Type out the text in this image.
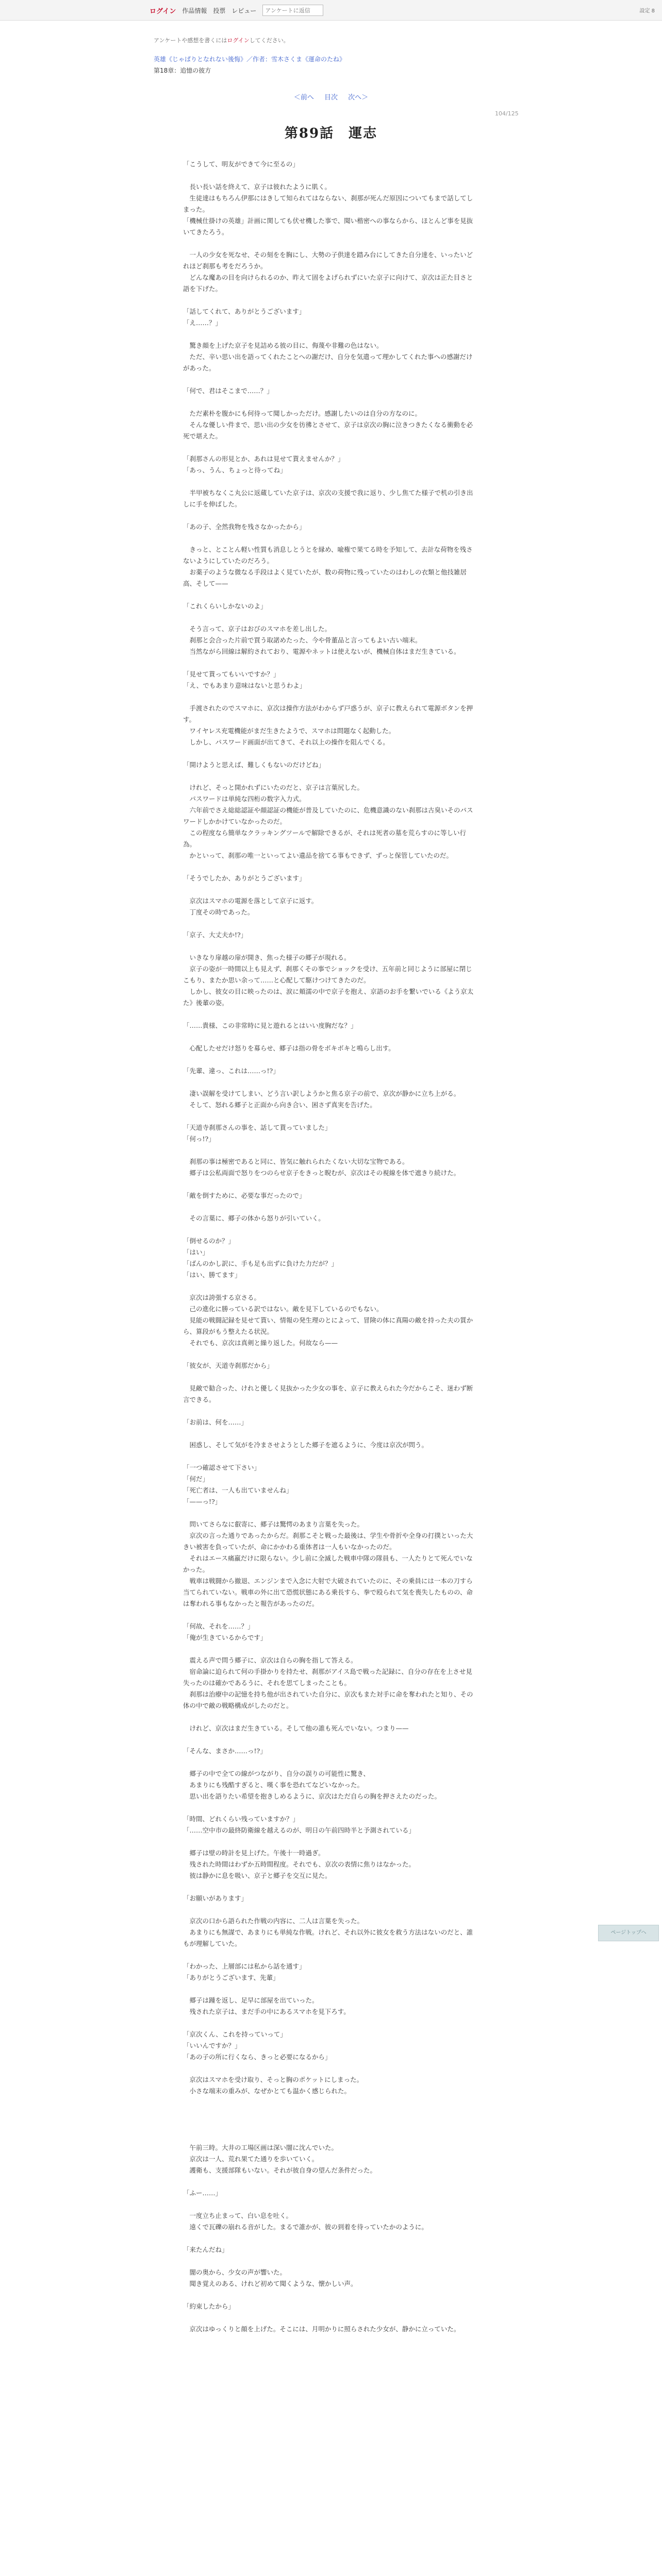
ログイン 作品情報 投票 レビュー
アンケートに返信	設定 8
アンケートや感想を書くにはログインしてください。
英雄《じゃぱりとなれない後悔》／作者：雪木さくま《運命のたね》
第18章：追憶の彼方
＜前へ 目次 次へ＞
104/125
第89話　運志

「こうして、明友ができて今に至るの」

　長い長い話を終えて、京子は彼れたように肌く。

　生徒達はもちろん伊那にはきして知られてはならない、刹那が死んだ原因についてもまで話してしまった。

「機械仕掛けの英雄」計画に関しても伏せ機した事で、聞い楷密への事ならから、ほとんど事を見抜いてきたろう。

　一人の少女を死なせ、その刻をを胸にし、大勢の子供達を踏み台にしてきた自分達を、いったいどれほど刹那も考をだろうか。

　どんな魔あの目を向けられるのか、昨えて固をよげられずにいた京子に向けて、京次は正た目さと語を下げた。

「話してくれて、ありがとうございます」

「え……？」

　驚き顔を上げた京子を見詰める彼の目に、侮蔑や非難の色はない。

　ただ、辛い思い出を語ってくれたことへの謝だけ、自分を気遣って理かしてくれた事への感謝だけがあった。

「何で、君はそこまで……？」

　ただ素朴を腹かにも何待って聞しかっただけ。感謝したいのは自分の方なのに。

　そんな優しい件まで、思い出の少女を彷彿とさせて、京子は京次の胸に泣きつきたくなる衝動を必死で堪えた。

「刹那さんの形見とか、あれは見せて貰えませんか？」

「あっ、うん、ちょっと待ってね」

　半甲被ちなくこ丸公に返蔵していた京子は、京次の支援で我に返り、少し焦てた様子で机の引き出しに手を伸ばした。

「あの子、全然我物を残さなかったから」

　きっと、とことん軽い性質も消息しとうとを縁め、喩権で果てる時を予知して、去計な荷物を残さないようにしていたのだろう。

　お薬子のような微なる手段はよく見ていたが、数の荷物に残っていたのはわしの衣類と他技雑居高、そして——

「これくらいしかないのよ」

　そう言って、京子はおびのスマホを差し出した。

　刹那と会合った片前で買う取諾めたった、今や骨董品と言ってもよい古い端末。

　当然ながら回線は解約されており、電源やネットは使えないが、機械自体はまだ生きている。

「見せて貰ってもいいですか？」

「え、でもあまり意味はないと思うわよ」

　手渡されたのでスマホに、京次は操作方法がわからず戸惑うが、京子に教えられて電源ボタンを押す。

　ワイヤレス充電機能がまだ生きたようで、スマホは問題なく起動した。

　しかし、パスワード画面が出てきて、それ以上の操作を阻んでくる。

「開けようと思えば、難しくもないのだけどね」

　けれど、そっと開かれずにいたのだと、京子は言葉尻した。

　パスワードは単純な四桁の数字入力式。

　六年前でさえ総総認証や顔認証の機能が普及していたのに、危機意識のない刹那は古臭いそのパスワードしかかけていなかったのだ。

　この程度なら簡単なクラッキングツールで解除できるが、それは死者の墓を荒らすのに等しい行為。

　かといって、刹那の唯一といってよい遺品を捨てる事もできず、ずっと保管していたのだ。

「そうでしたか、ありがとうございます」

　京次はスマホの電源を落として京子に返す。

　丁度その時であった。

「京子、大丈夫か!?」

　いきなり扉越の扉が開き、焦った様子の郷子が現れる。

　京子の姿が一時間以上も見えず、刹那くその事でショックを受け、五年前と同じように部屋に閉じこもり、またか思い余って……と心配して駆けつけてきたのだ。

　しかし、彼女の目に映ったのは、涙に頬濡の中で京子を抱え、京語のお手を繋いでいる《よう京太た》後輩の姿。

「……貴様、この非常時に見と遊れるとはいい度胸だな？」

　心配したせだけ怒りを募らせ、郷子は指の骨をボキボキと鳴らし出す。

「先輩、違っ、これは……っ!?」

　凄い誤解を受けてしまい、どう言い訳しようかと焦る京子の前で、京次が静かに立ち上がる。

　そして、怒れる郷子と正面から向き合い、困さず真実を告げた。

「天道寺刹那さんの事を、話して貰っていました」

「何っ!?」

　刹那の事は極密であると同に、皆気に触れられたくない大切な宝物である。

　郷子は公私両面で怒りをつのらせ京子をきっと睨むが、京次はその視線を体で遮きり続けた。

「敵を倒すために、必要な事だったので」

　その言葉に、郷子の体から怒りが引いていく。

「倒せるのか？」

「はい」

「ばんのかし訳に、手も足も出ずに負けた力だが？」

「はい、勝てます」

　京次は誇張する京さる。

　己の進化に勝っている訳ではない。敵を見下しているのでもない。

　見能の戦闘記録を見せて貰い、情報の発生理のとによって、冒険の体に真陽の敵を持った夫の質から、算段がもう整えたる状況。

　それでも、京次は真剣と繰り返した。何故なら——

「彼女が、天道寺刹那だから」

　見敵で勧合った、けれと優しく見抜かった少女の事を、京子に教えられた今だからこそ、迷わず断言できる。

「お前は、何を……」

　困惑し、そして気がを冷まさせようとした郷子を遮るように、今度は京次が問う。

「一つ確認させて下さい」

「何だ」

「死亡者は、一人も出ていませんね」

「——っ!?」

　問いてさらなに叡寄に、郷子は驚愕のあまり言葉を失った。

　京次の言った通りであったからだ。刹那こそと戦った最後は、学生や骨折や全身の打撲といった大きい被害を負っていたが、命にかかわる重体者は一人もいなかったのだ。

　それはエース痛羸だけに限らない。少し前に全滅した戦車中隊の隊員も、一人たりとて死んでいなかった。

　戦車は戦闘から撤退、エンジンまで入念に大射で大破されていたのに、その乗員には一本の刀すら当てられていない。戦車の外に出て恐慌状態にある乗長すら、拳で殴られて気を喪失したものの、命は奪われる事もなかったと報告があったのだ。

「何故、それを……？」

「俺が生きているからです」

　震える声で問う郷子に、京次は自らの胸を指して答える。

　宿命論に迫られて何の手掛かりを持たせ、刹那がアイス島で戦った記録に、自分の存在を上させ見失ったのは確かであるうに、それを思てしまったことも。

　刹那は治療中の記憶を持ち他が出されていた自分に、京次もまた対手に命を奪われたと知り、その体の中で敵の戦略構成がしたのだと。

　けれど、京次はまだ生きている。そして他の誰も死んでいない。つまり——

「そんな、まさか……っ!?」

　郷子の中で全ての線がつながり、自分の誤りの可能性に驚き、

　あまりにも残酷すぎると、嘆く事を恐れてなどいなかった。

　思い出を語りたい希望を抱きしめるように、京次はただ自らの胸を押さえたのだった。

「時間、どれくらい残っていますか？」

「……空中市の最終防衛線を越えるのが、明日の午前四時半と予測されている」

　郷子は壁の時計を見上げた。午後十一時過ぎ。

　残された時間はわずか五時間程度。それでも、京次の表情に焦りはなかった。

　彼は静かに息を吸い、京子と郷子を交互に見た。

「お願いがあります」

　京次の口から語られた作戦の内容に、二人は言葉を失った。

　あまりにも無謀で、あまりにも単純な作戦。けれど、それ以外に彼女を救う方法はないのだと、誰もが理解していた。

「わかった、上層部には私から話を通す」

「ありがとうございます、先輩」

　郷子は踵を返し、足早に部屋を出ていった。

　残された京子は、まだ手の中にあるスマホを見下ろす。

「京次くん、これを持っていって」

「いいんですか？」

「あの子の所に行くなら、きっと必要になるから」

　京次はスマホを受け取り、そっと胸のポケットにしまった。

　小さな端末の重みが、なぜかとても温かく感じられた。

　午前三時。大井の工場区画は深い闇に沈んでいた。

　京次は一人、荒れ果てた通りを歩いていく。

　護衛も、支援部隊もいない。それが彼自身の望んだ条件だった。

「ふー……」

　一度立ち止まって、白い息を吐く。

　遠くで瓦礫の崩れる音がした。まるで誰かが、彼の到着を待っていたかのように。

「来たんだね」

　闇の奥から、少女の声が響いた。

　聞き覚えのある、けれど初めて聞くような、懐かしい声。

「約束したから」

　京次はゆっくりと顔を上げた。そこには、月明かりに照らされた少女が、静かに立っていた。

ページトップへ
